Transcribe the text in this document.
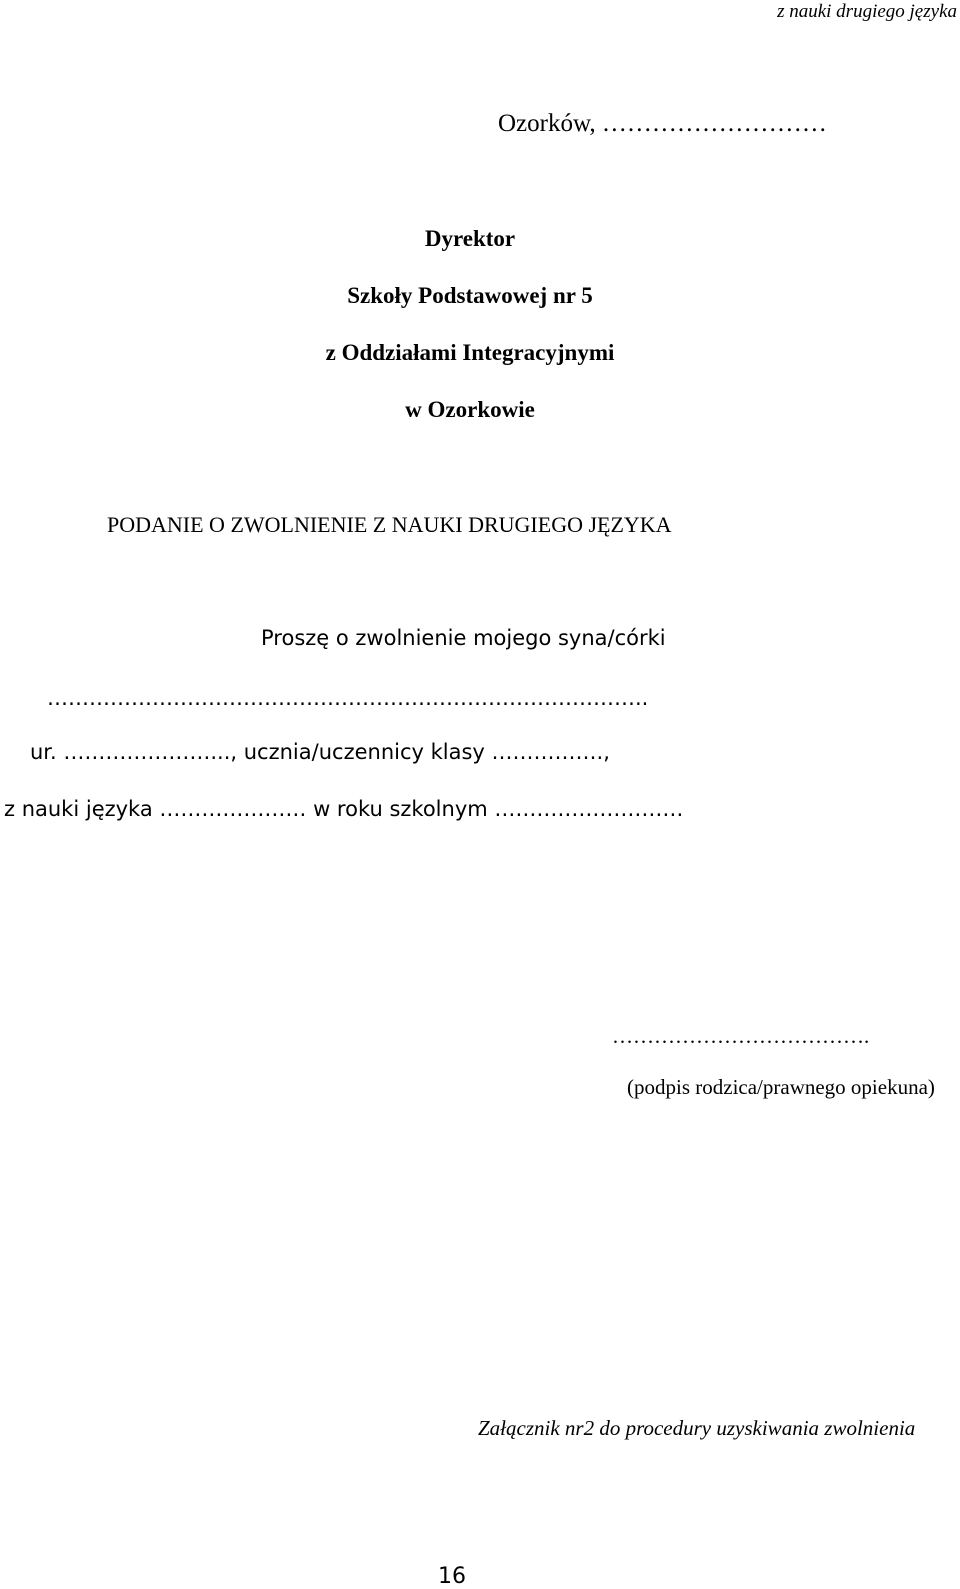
z nauki drugiego języka
Ozorków, ………………………
Dyrektor
Szkoły Podstawowej nr 5
z Oddziałami Integracyjnymi
w Ozorkowie
PODANIE O ZWOLNIENIE Z NAUKI DRUGIEGO JĘZYKA
Proszę o zwolnienie mojego syna/córki
…………………………………………………………………………..
ur. …………………..., ucznia/uczennicy klasy …………….,
z nauki języka ………………… w roku szkolnym ………………………
……………………………….
(podpis rodzica/prawnego opiekuna)
Załącznik nr2 do procedury uzyskiwania zwolnienia
16
